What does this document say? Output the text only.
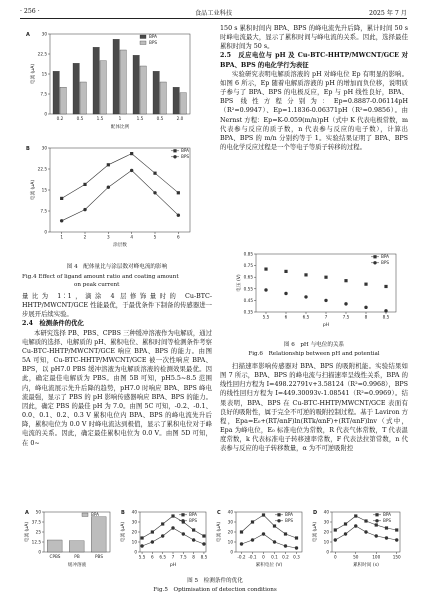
· 256 ·	食品工业科技	2025 年 7 月
0
7.5
15
22.5
30
电流 (μA)
配体比例
A
0.2	0.5	1.5	1	1.5	0.5	2.0
BPA
BPS
0
7.5
15
22.5
30
电流 (μA)
涂层数
B
1	2	3	4	5	6
BPA
BPS
图 4　配体量比与涂层数对峰电流的影响
Fig.4 Effect of ligand amount ratio and coating amount
on peak current

量比为 1∶1，滴涂 4 层修饰量时的 Cu-BTC-HHTP/MWCNT/GCE 性能最优，于最优条件下制备的传感器进一步展开后续实验。

2.4　检测条件的优化

本研究选择 PB、PBS、CPBS 三种缓冲溶液作为电解质，通过电解质的选择、电解质的 pH、累积电位、累积时间等检测条件考察 Cu-BTC-HHTP/MWCNT/GCE 响应 BPA、BPS 的能力。由图 5A 可知，Cu-BTC-HHTP/MWCNT/GCE 被一次性响应 BPA、BPS，以 pH7.0 PBS 缓冲溶液为电解质溶液的检测效果最优。因此，确定最佳电解质为 PBS。由图 5B 可知，pH5.5~8.5 范围内，峰电流展示先升后降的趋势，pH7.0 时响应 BPA、BPS 峰电流最强，显示了 PBS 的 pH 影响传感器响应 BPA、BPS 的能力。因此，确定 PBS 的最佳 pH 为 7.0。由图 5C 可知，-0.2、-0.1、0.0、0.1、0.2、0.3 V 累积电位内 BPA、BPS 的峰电流先升后降，累积电位为 0.0 V 时峰电流达到极值，显示了累积电位对于峰电流的关系。因此，确定最佳累积电位为 0.0 V。由图 5D 可知，在 0~

150 s 累积时间内 BPA、BPS 的峰电流先升后降，累计时间 50 s 时峰电流最大，显示了累积时间与峰电流的关系。因此，选择最佳累积时间为 50 s。

2.5　反应电位与 pH 及 Cu-BTC-HHTP/MWCNT/GCE 对 BPA、BPS 的电化学行为表征

实验研究表明电解质溶液的 pH 对峰电位 Ep 有明显的影响。如图 6 所示，Ep 随着电解质溶液的 pH 的增加而负位移，说明质子参与了 BPA、BPS 的电极反应，Ep 与 pH 线性良好，BPA、BPS 线性方程分别为：Ep=0.8887-0.06114pH（R²=0.9947）、Ep=1.1836-0.06371pH（R²=0.9856）。由 Nernst 方程：Ep=K-0.059(m/n)pH（式中 K 代表电极常数，m 代表参与反应的质子数，n 代表参与反应的电子数），计算出 BPA、BPS 的 m/n 分别约等于 1。实验结果证明了 BPA、BPS 的电化学反应过程是一个等电子等质子转移的过程。

0.35
0.45
0.55
0.65
0.75
0.85
电压 (V)
pH
5.5	6	6.5	7	7.5	8	8.5
BPA
BPS
图 6　pH 与电位的关系
Fig.6　Relationship between pH and potential

扫描速率影响传感器对 BPA、BPS 的吸附机能。实验结果如图 7 所示，BPA、BPS 的峰电流与扫描速率呈线性关系，BPA 的线性回归方程为 I=498.22791v+3.58124（R²=0.9968），BPS 的线性回归方程为 I=449.30093v-1.08541（R²=0.9969）。结果表明，BPA、BPS 在 Cu-BTC-HHTP/MWCNT/GCE 表面有良好的吸附性，属于完全不可逆的吸附控制过程。基于 Laviron 方程，Epa=E₀+(RT/αnF)ln(RTk/αnF)+(RT/αnF)lnv（式中，Epa 为峰电位，E₀ 标准电位为常数，R 代表气体常数，T 代表温度常数，k 代表标准电子转移速率常数，F 代表法拉第常数，n 代表参与反应的电子转移数量，α 为不可逆吸附控

0
12.5
25
37.5
50
电流 (μA)
缓冲溶液
A
CPBS	PB	PBS
BPA
0
10
20
30
40
电流 (μA)
pH
B
5.5 6 6.5 7 7.5 8 8.5
BPA
BPS
0
10
20
30
40
电流 (μA)
累积电位 (V)
C
-0.2 -0.1 0 0.1 0.2 0.3
BPA
BPS
0
10
20
30
40
电流 (μA)
累积时间 (s)
D
0	50	100	150
BPA
BPS
图 5　检测条件的优化
Fig.5　Optimisation of detection conditions
